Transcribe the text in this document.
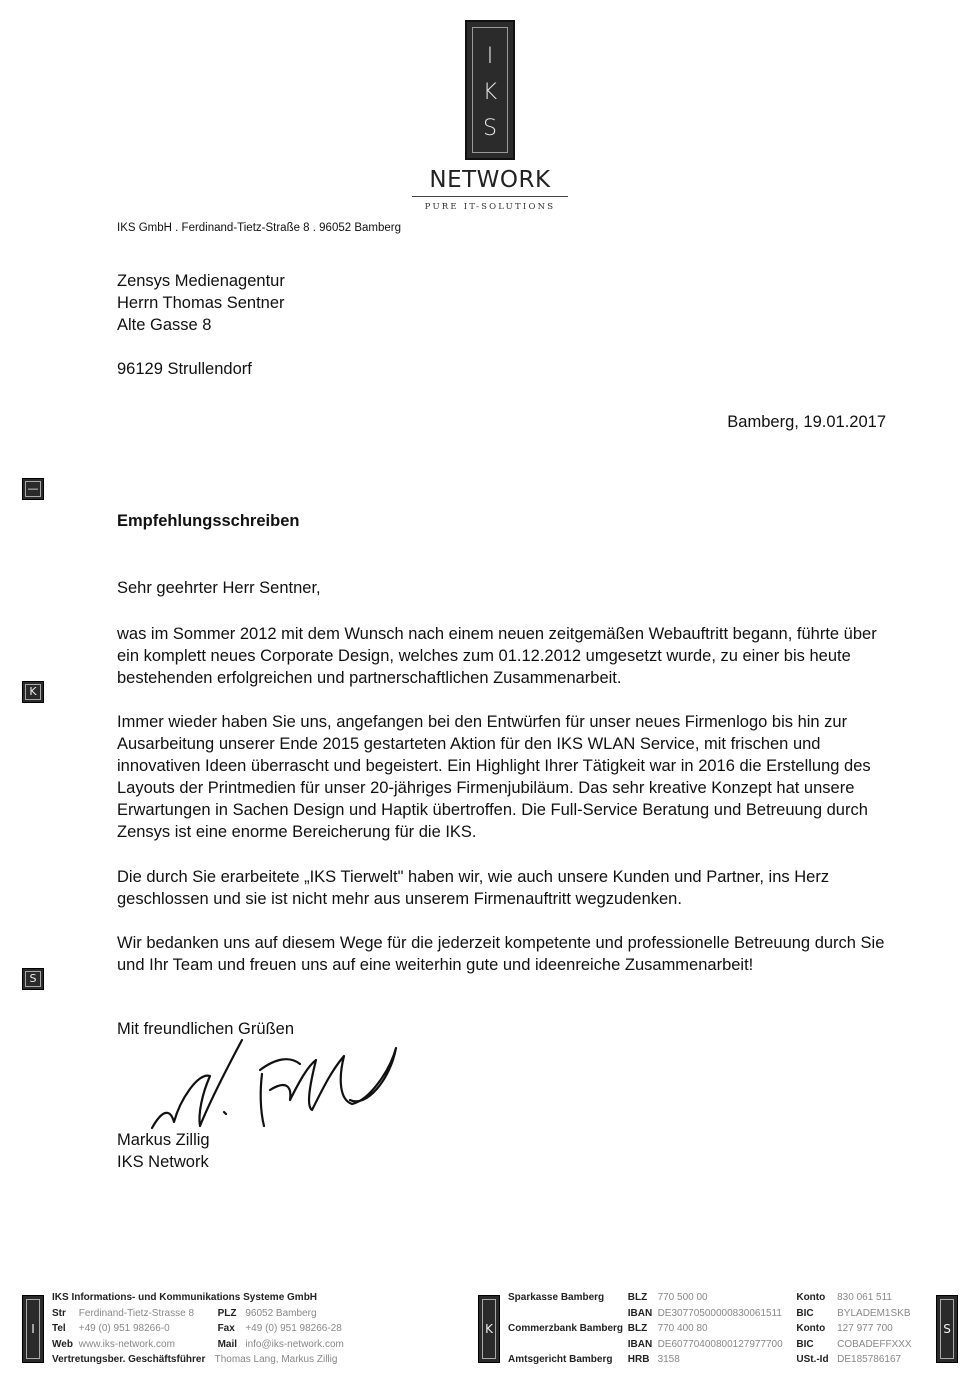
I
K
S
NETWORK
PURE IT-SOLUTIONS
IKS GmbH . Ferdinand-Tietz-Straße 8 . 96052 Bamberg
Zensys Medienagentur
Herrn Thomas Sentner
Alte Gasse 8
96129 Strullendorf
Bamberg, 19.01.2017
—
K
S
Empfehlungsschreiben
Sehr geehrter Herr Sentner,

was im Sommer 2012 mit dem Wunsch nach einem neuen zeitgemäßen Webauftritt begann, führte über ein komplett neues Corporate Design, welches zum 01.12.2012 umgesetzt wurde, zu einer bis heute bestehenden erfolgreichen und partnerschaftlichen Zusammenarbeit.

Immer wieder haben Sie uns, angefangen bei den Entwürfen für unser neues Firmenlogo bis hin zur Ausarbeitung unserer Ende 2015 gestarteten Aktion für den IKS WLAN Service, mit frischen und innovativen Ideen überrascht und begeistert. Ein Highlight Ihrer Tätigkeit war in 2016 die Erstellung des Layouts der Printmedien für unser 20-jähriges Firmenjubiläum. Das sehr kreative Konzept hat unsere Erwartungen in Sachen Design und Haptik übertroffen. Die Full-Service Beratung und Betreuung durch Zensys ist eine enorme Bereicherung für die IKS.

Die durch Sie erarbeitete „IKS Tierwelt" haben wir, wie auch unsere Kunden und Partner, ins Herz geschlossen und sie ist nicht mehr aus unserem Firmenauftritt wegzudenken.

Wir bedanken uns auf diesem Wege für die jederzeit kompetente und professionelle Betreuung durch Sie und Ihr Team und freuen uns auf eine weiterhin gute und ideenreiche Zusammenarbeit!

Mit freundlichen Grüßen
Markus Zillig
IKS Network
I	K	S
IKS Informations- und Kommunikations Systeme GmbH
Str Ferdinand-Tietz-Strasse 8 PLZ 96052 Bamberg
Tel +49 (0) 951 98266-0	Fax +49 (0) 951 98266-28
Web www.iks-network.com	Mail info@iks-network.com
Vertretungsber. Geschäftsführer Thomas Lang, Markus Zillig
Sparkasse Bamberg BLZ 770 500 00	Konto 830 061 511
IBAN DE30770500000830061511 BIC BYLADEM1SKB
Commerzbank Bamberg BLZ 770 400 80	Konto 127 977 700
IBAN DE60770400800127977700 BIC COBADEFFXXX
Amtsgericht Bamberg HRB 3158	USt.-Id DE185786167
